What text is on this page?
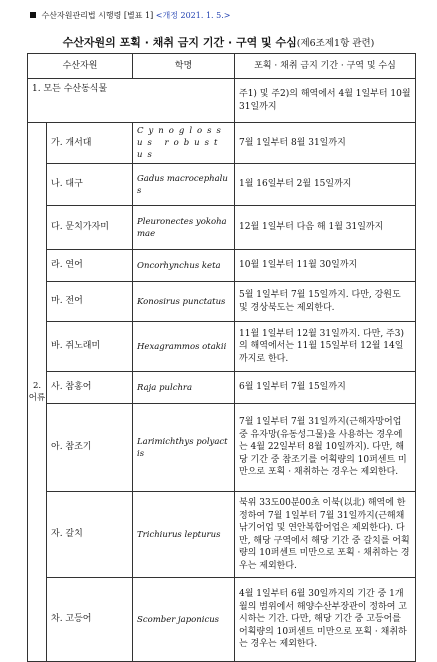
수산자원관리법 시행령 [별표 1] <개정 2021. 1. 5.>
수산자원의 포획 · 채취 금지 기간 · 구역 및 수심(제6조제1항 관련)
수산자원		학명	포획 · 채취 금지 기간 · 구역 및 수심
1. 모든 수산동식물			주1) 및 주2)의 해역에서 4월 1일부터 10월 31일까지
2. 어류	가. 개서대	Cynoglossus robustus	7월 1일부터 8월 31일까지
	나. 대구	Gadus macrocephalus	1월 16일부터 2월 15일까지
	다. 문치가자미	Pleuronectes yokohamae	12월 1일부터 다음 해 1월 31일까지
	라. 연어	Oncorhynchus keta	10월 1일부터 11월 30일까지
	마. 전어	Konosirus punctatus	5월 1일부터 7월 15일까지. 다만, 강원도 및 경상북도는 제외한다.
	바. 쥐노래미	Hexagrammos otakii	11월 1일부터 12월 31일까지. 다만, 주3)의 해역에서는 11월 15일부터 12월 14일까지로 한다.
	사. 참홍어	Raja pulchra	6월 1일부터 7월 15일까지
	아. 참조기	Larimichthys polyactis	7월 1일부터 7월 31일까지(근해자망어업 중 유자망(유동성그물)을 사용하는 경우에는 4월 22일부터 8월 10일까지). 다만, 해당 기간 중 참조기를 어획량의 10퍼센트 미만으로 포획 · 채취하는 경우는 제외한다.
	자. 갈치	Trichiurus lepturus	북위 33도00분00초 이북(以北) 해역에 한정하여 7월 1일부터 7월 31일까지(근해채낚기어업 및 연안복합어업은 제외한다). 다만, 해당 구역에서 해당 기간 중 갈치를 어획량의 10퍼센트 미만으로 포획 · 채취하는 경우는 제외한다.
	차. 고등어	Scomber japonicus	4월 1일부터 6월 30일까지의 기간 중 1개월의 범위에서 해양수산부장관이 정하여 고시하는 기간. 다만, 해당 기간 중 고등어를 어획량의 10퍼센트 미만으로 포획 · 채취하는 경우는 제외한다.
